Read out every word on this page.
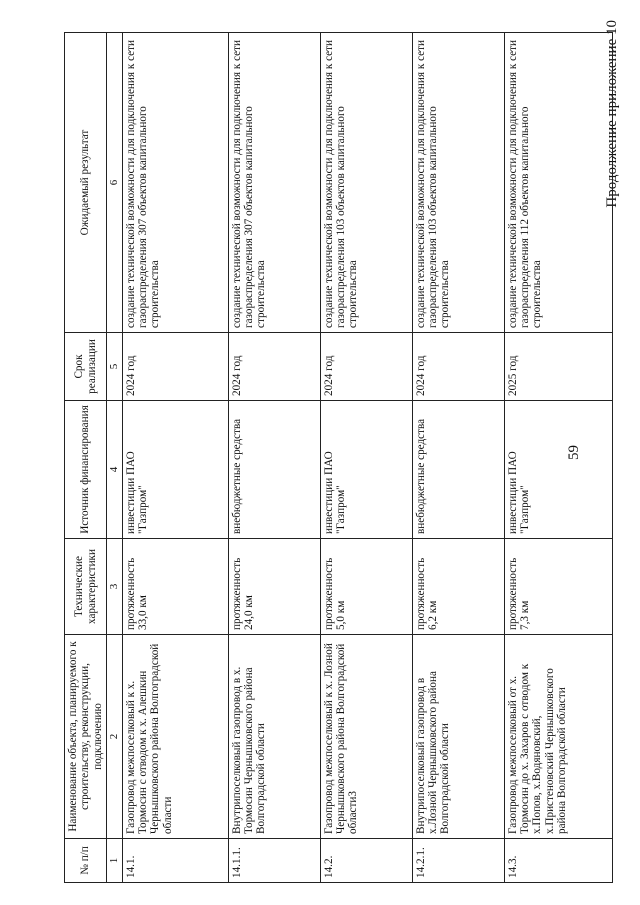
59
Продолжение приложение 10
№ п/п	Наименование объекта, планируемого к строительству, реконструкции, подключению	Технические характеристики	Источник финансирования	Срок реализации	Ожидаемый результат
1	2	3	4	5	6
14.1.	Газопровод межпоселковый к х. Тормосин с отводом к х. Алешкин Чернышковского района Волгоградской области	протяженность 33,0 км	инвестиции ПАО "Газпром"	2024 год	создание технической возможности для подключения к сети газораспределения 307 объектов капитального строительства
14.1.1.	Внутрипоселковый газопровод в х. Тормосин Чернышковского района Волгоградской области	протяженность 24,0 км	внебюджетные средства	2024 год	создание технической возможности для подключения к сети газораспределения 307 объектов капитального строительства
14.2.	Газопровод межпоселковый к х. Лозной Чернышковского района Волгоградской области3	протяженность 5,0 км	инвестиции ПАО "Газпром"	2024 год	создание технической возможности для подключения к сети газораспределения 103 объектов капитального строительства
14.2.1.	Внутрипоселковый газопровод в х.Лозной Чернышковского района Волгоградской области	протяженность 6,2 км	внебюджетные средства	2024 год	создание технической возможности для подключения к сети газораспределения 103 объектов капитального строительства
14.3.	Газопровод межпоселковый от х. Тормосин до х. Захаров с отводом к х.Попов, х.Водяновский, х.Пристеновский Чернышковского района Волгоградской области	протяженность 7,3 км	инвестиции ПАО "Газпром"	2025 год	создание технической возможности для подключения к сети газораспределения 112 объектов капитального строительства
